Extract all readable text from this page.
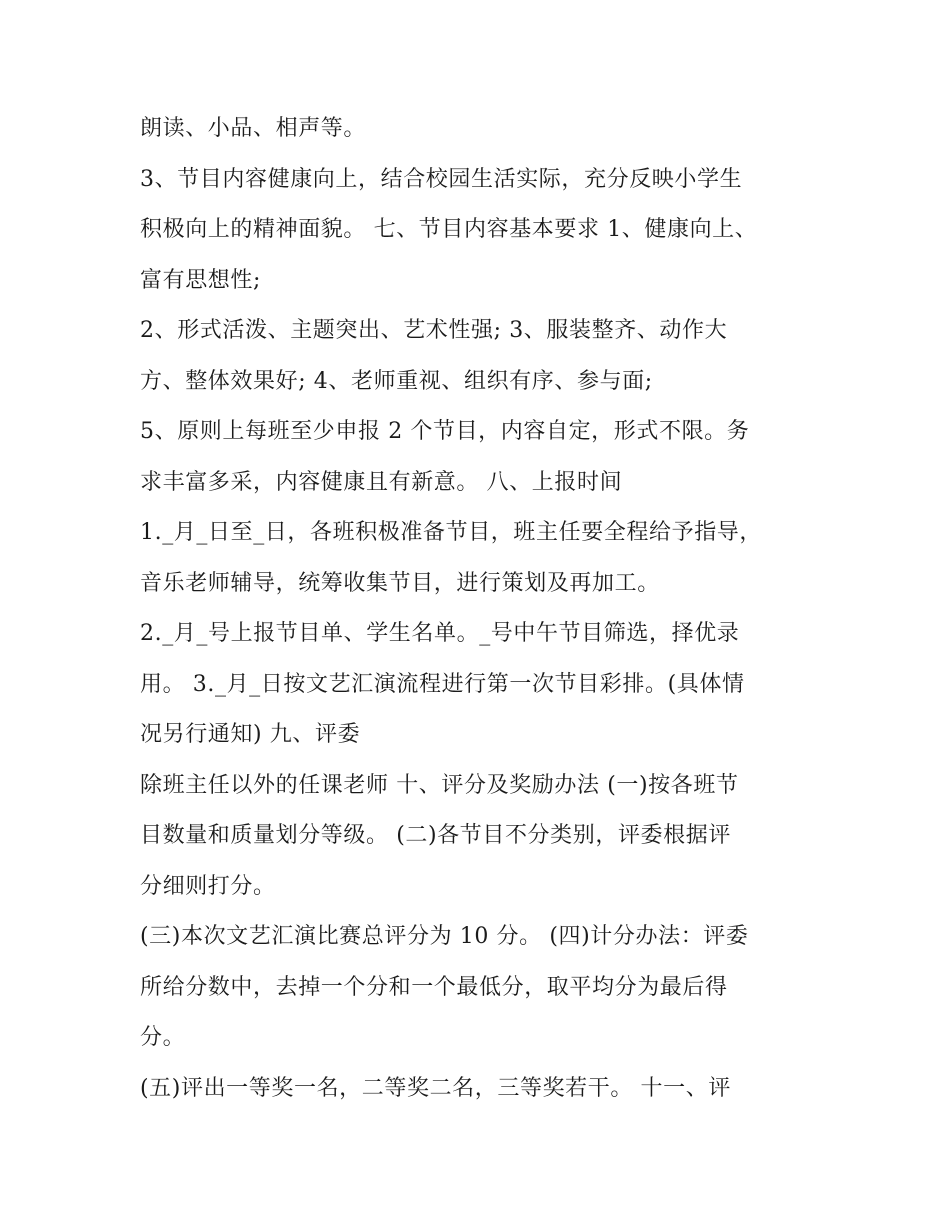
朗读、小品、相声等。
3、节目内容健康向上，结合校园生活实际，充分反映小学生
积极向上的精神面貌。 七、节目内容基本要求 1、健康向上、
富有思想性;
2、形式活泼、主题突出、艺术性强; 3、服装整齐、动作大
方、整体效果好; 4、老师重视、组织有序、参与面;
5、原则上每班至少申报 2 个节目，内容自定，形式不限。务
求丰富多采，内容健康且有新意。 八、上报时间
1._月_日至_日，各班积极准备节目，班主任要全程给予指导，
音乐老师辅导，统筹收集节目，进行策划及再加工。
2._月_号上报节目单、学生名单。_号中午节目筛选，择优录
用。 3._月_日按文艺汇演流程进行第一次节目彩排。(具体情
况另行通知) 九、评委
除班主任以外的任课老师 十、评分及奖励办法 (一)按各班节
目数量和质量划分等级。 (二)各节目不分类别，评委根据评
分细则打分。
(三)本次文艺汇演比赛总评分为 10 分。 (四)计分办法：评委
所给分数中，去掉一个分和一个最低分，取平均分为最后得
分。
(五)评出一等奖一名，二等奖二名，三等奖若干。 十一、评
